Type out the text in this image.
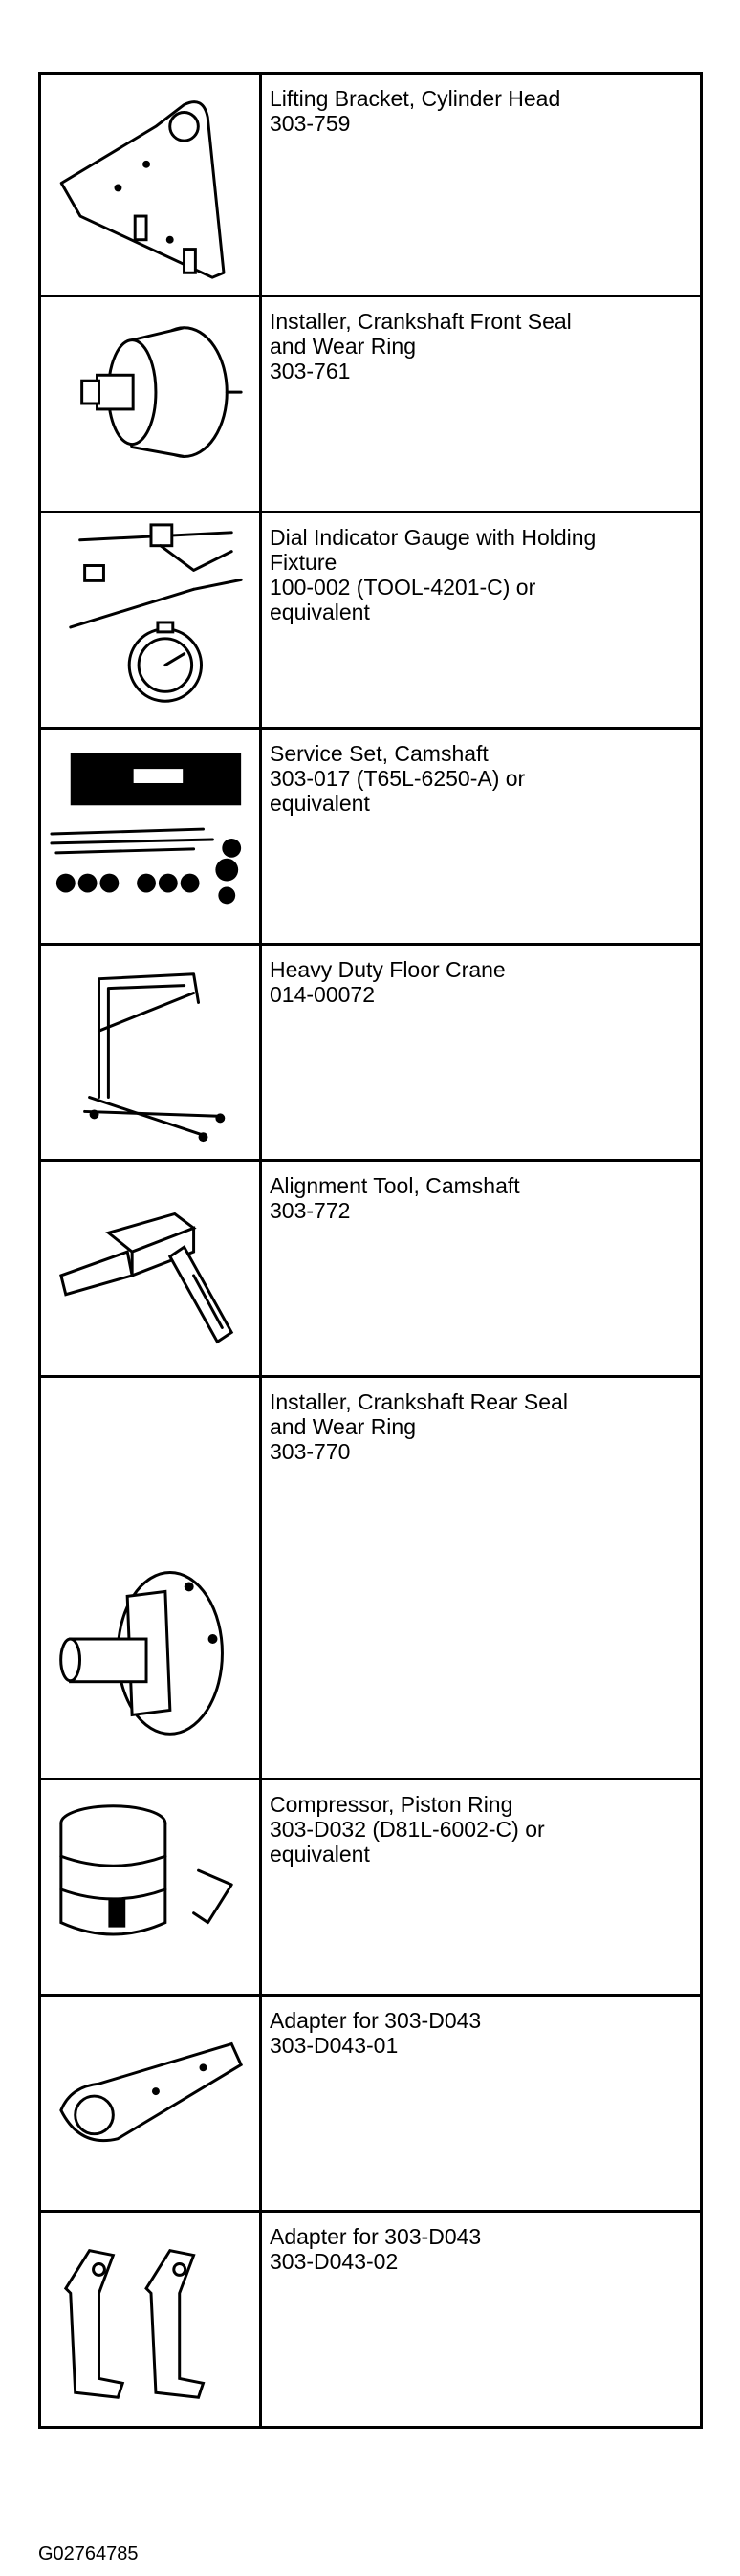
Lifting Bracket, Cylinder Head
303-759

Installer, Crankshaft Front Seal
and Wear Ring
303-761

Dial Indicator Gauge with Holding
Fixture
100-002 (TOOL-4201-C) or
equivalent

Service Set, Camshaft
303-017 (T65L-6250-A) or
equivalent

Heavy Duty Floor Crane
014-00072

Alignment Tool, Camshaft
303-772

Installer, Crankshaft Rear Seal
and Wear Ring
303-770

Compressor, Piston Ring
303-D032 (D81L-6002-C) or
equivalent

Adapter for 303-D043
303-D043-01

Adapter for 303-D043
303-D043-02
G02764785
